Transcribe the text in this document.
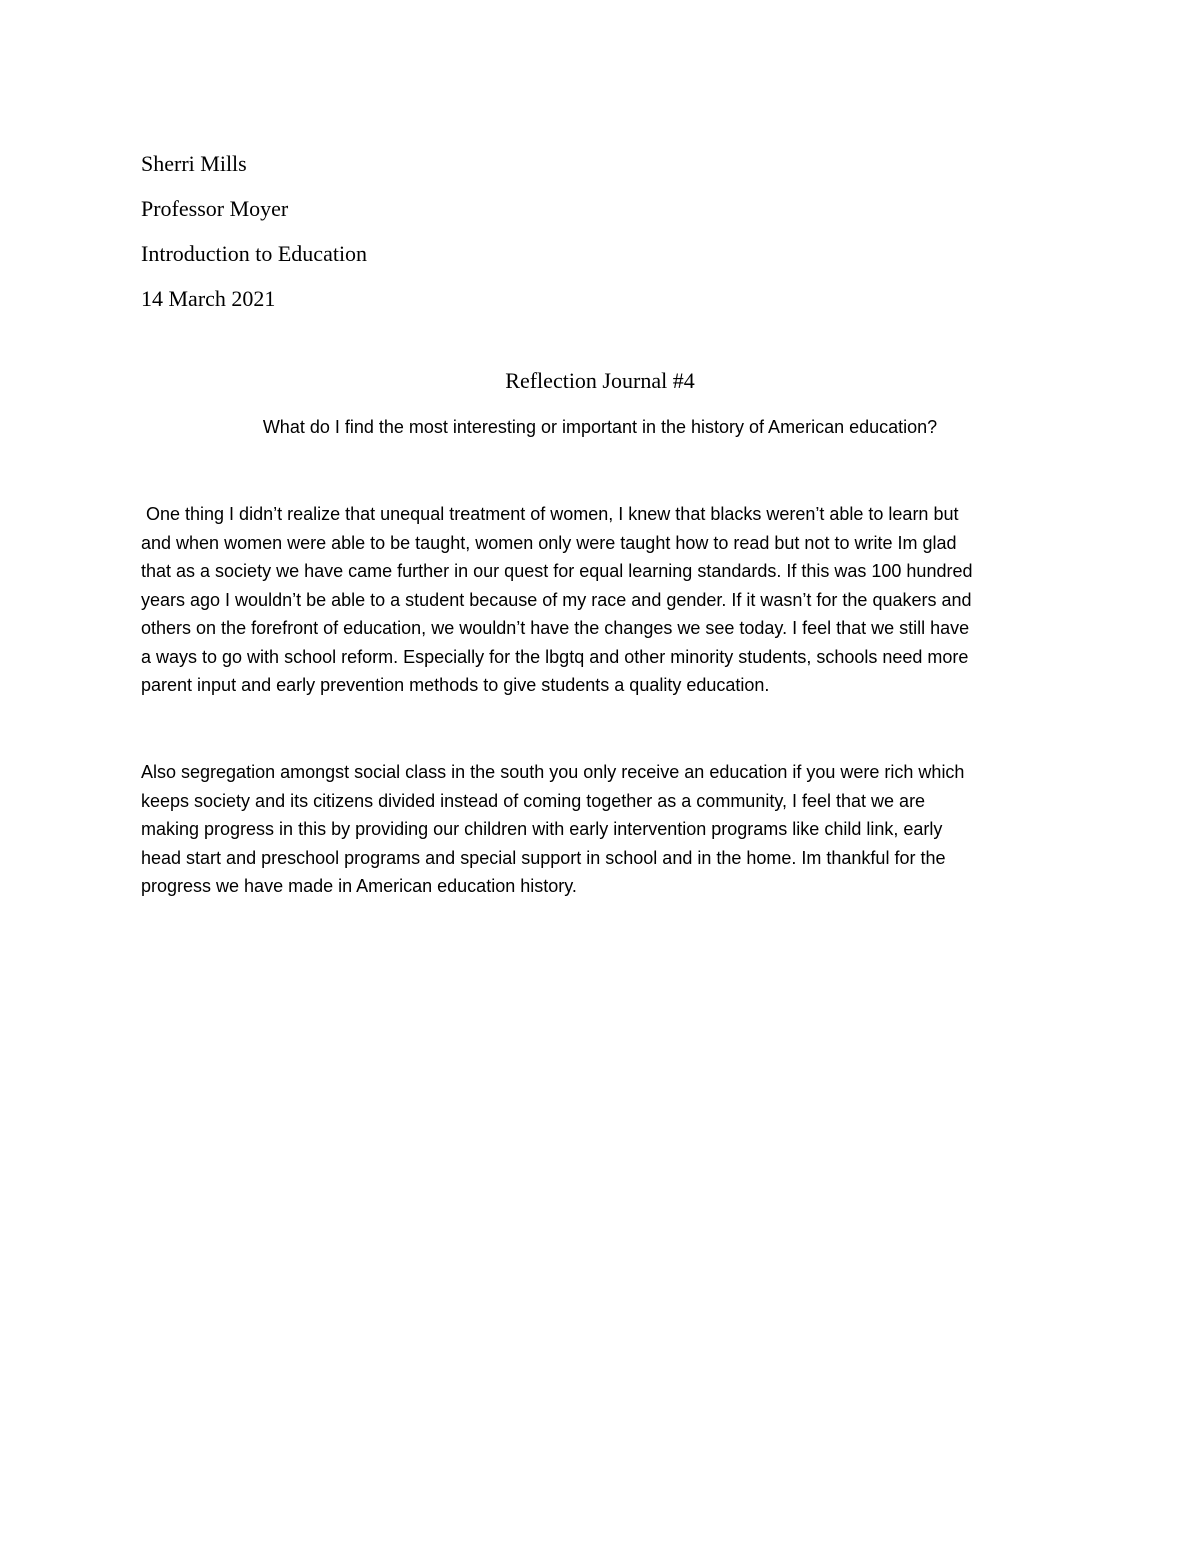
Sherri Mills
Professor Moyer
Introduction to Education
14 March 2021
Reflection Journal #4
What do I find the most interesting or important in the history of American education?
One thing I didn’t realize that unequal treatment of women, I knew that blacks weren’t able to learn but
and when women were able to be taught, women only were taught how to read but not to write Im glad
that as a society we have came further in our quest for equal learning standards. If this was 100 hundred
years ago I wouldn’t be able to a student because of my race and gender. If it wasn’t for the quakers and
others on the forefront of education, we wouldn’t have the changes we see today. I feel that we still have
a ways to go with school reform. Especially for the lbgtq and other minority students, schools need more
parent input and early prevention methods to give students a quality education.
Also segregation amongst social class in the south you only receive an education if you were rich which
keeps society and its citizens divided instead of coming together as a community, I feel that we are
making progress in this by providing our children with early intervention programs like child link, early
head start and preschool programs and special support in school and in the home. Im thankful for the
progress we have made in American education history.
